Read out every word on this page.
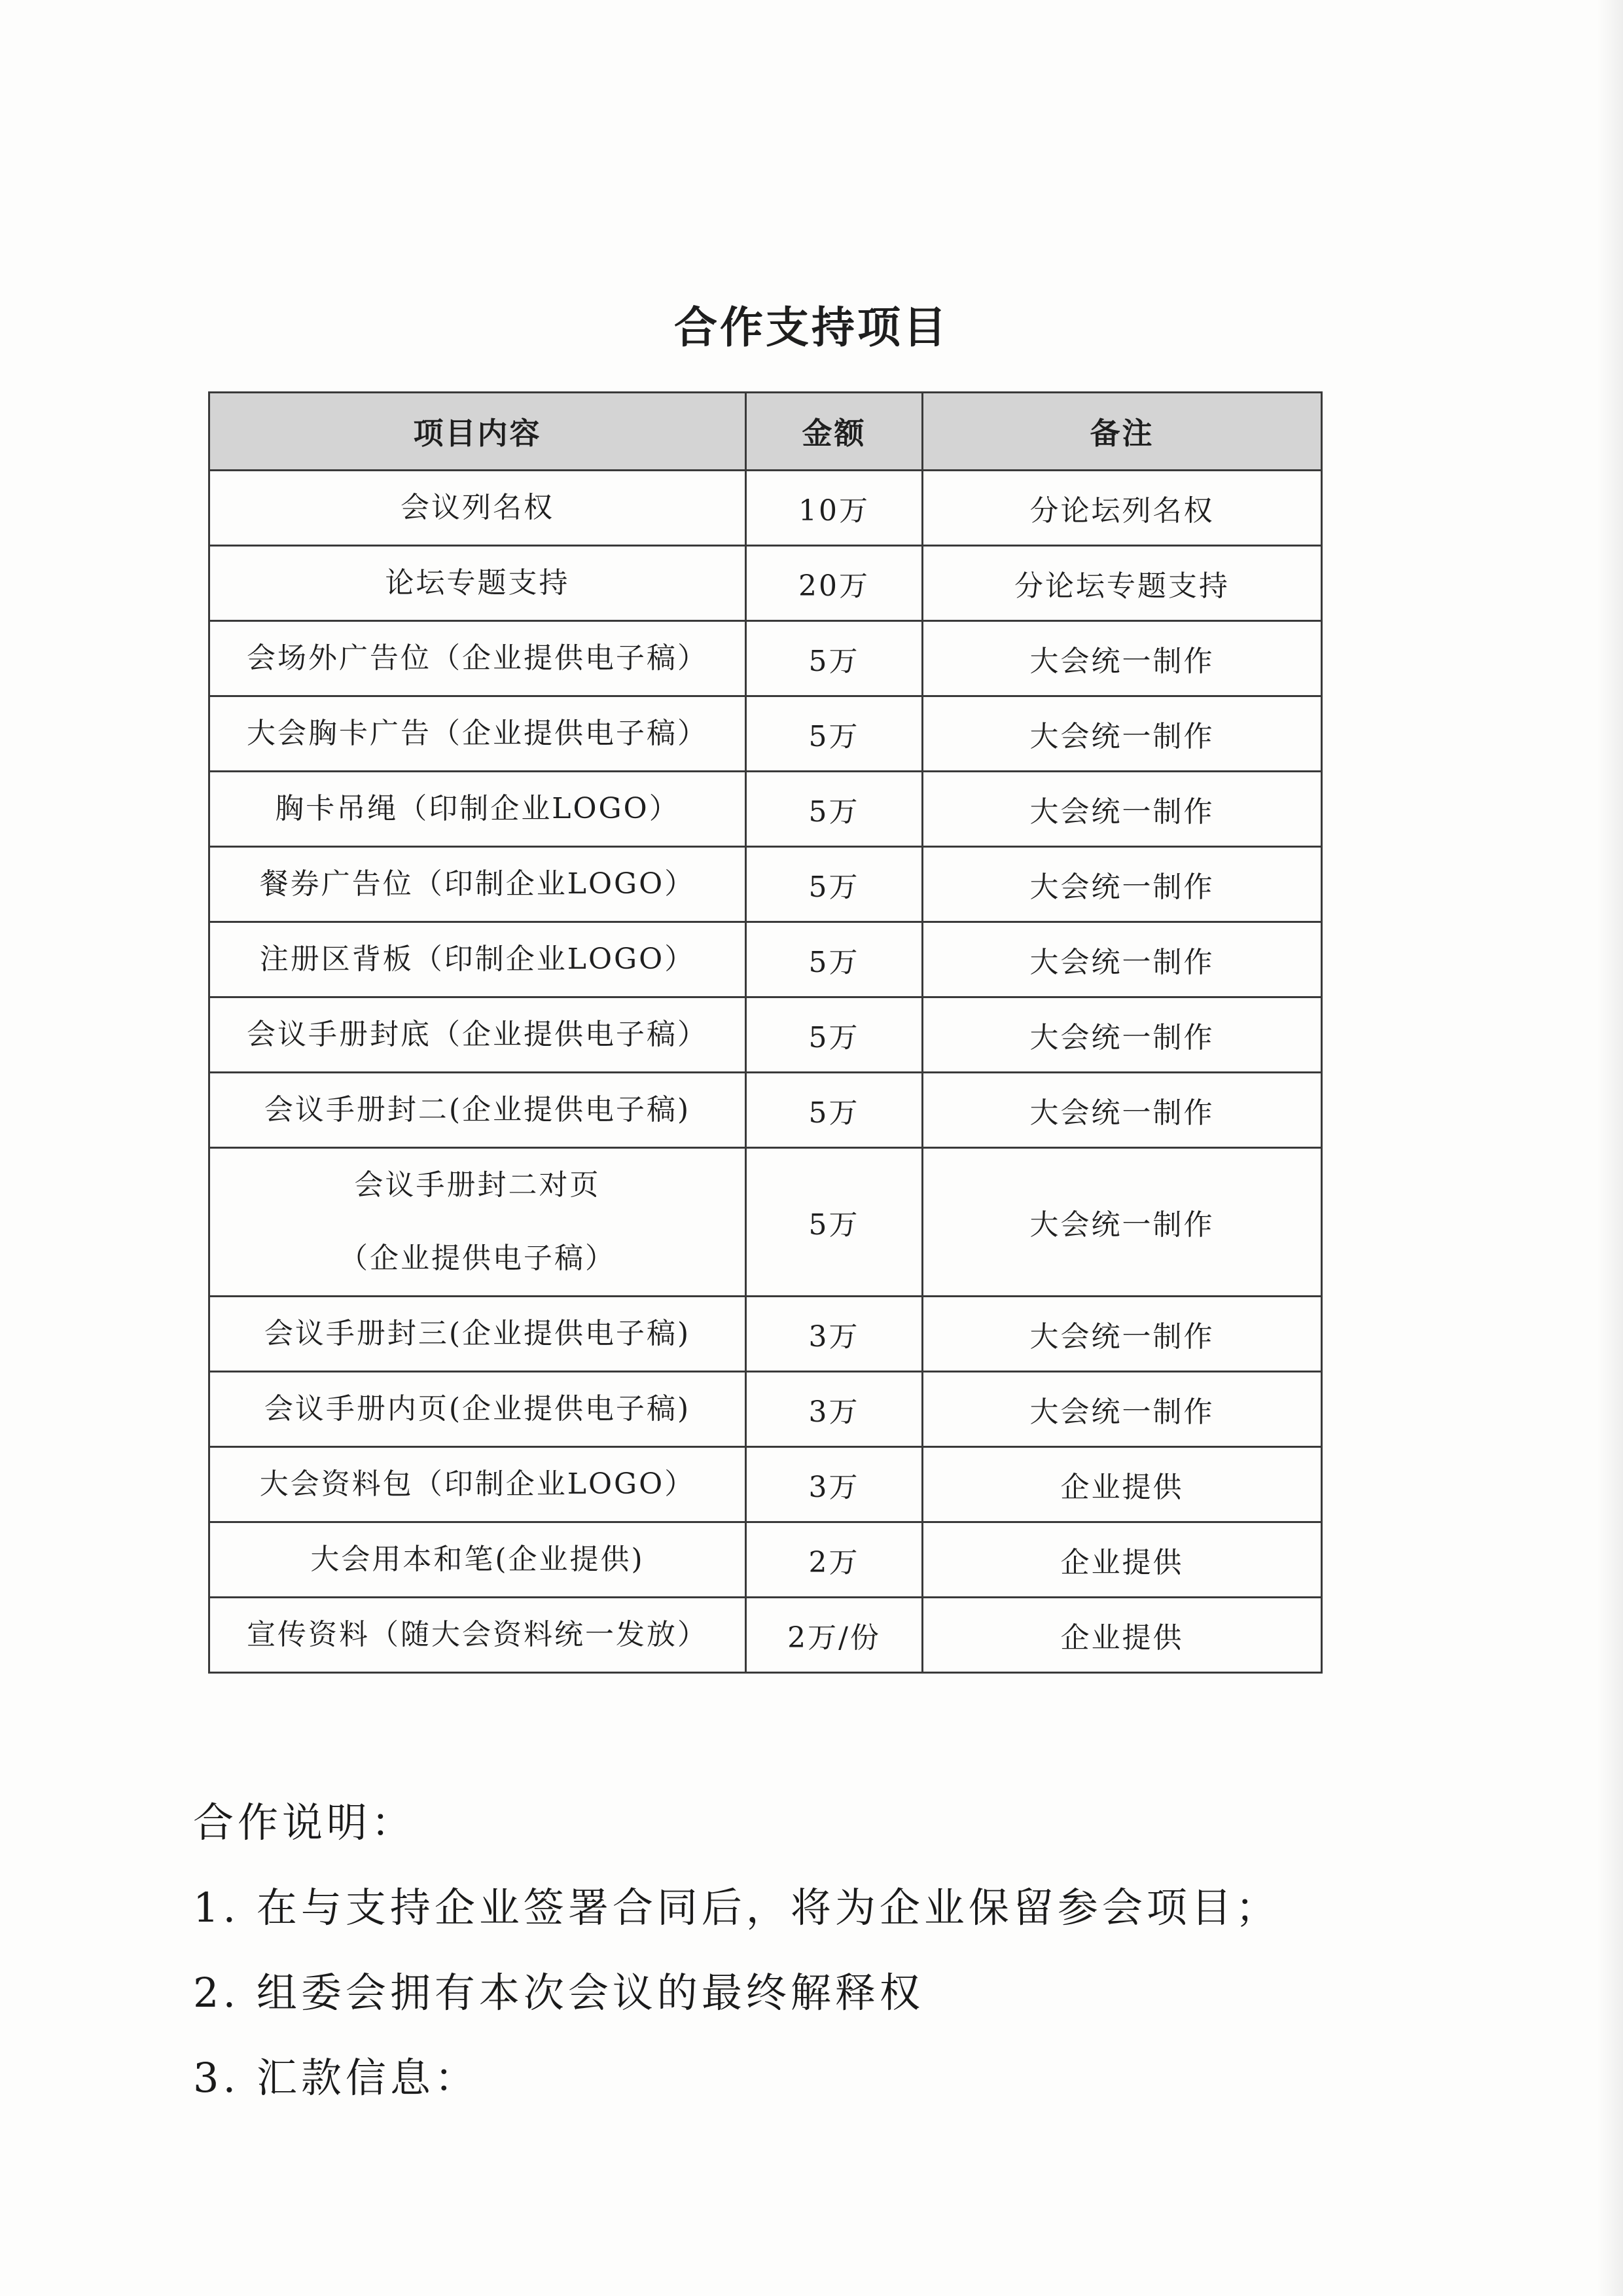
合作支持项目
项目内容	金额	备注

会议列名权	10万	分论坛列名权

论坛专题支持	20万	分论坛专题支持

会场外广告位（企业提供电子稿）	5万	大会统一制作

大会胸卡广告（企业提供电子稿）	5万	大会统一制作

胸卡吊绳（印制企业LOGO）	5万	大会统一制作

餐券广告位（印制企业LOGO）	5万	大会统一制作

注册区背板（印制企业LOGO）	5万	大会统一制作

会议手册封底（企业提供电子稿）	5万	大会统一制作

会议手册封二(企业提供电子稿)	5万	大会统一制作

会议手册封二对页
（企业提供电子稿）	5万	大会统一制作

会议手册封三(企业提供电子稿)	3万	大会统一制作

会议手册内页(企业提供电子稿)	3万	大会统一制作

大会资料包（印制企业LOGO）	3万	企业提供

大会用本和笔(企业提供)	2万	企业提供

宣传资料（随大会资料统一发放）	2万/份	企业提供
合作说明：
1. 在与支持企业签署合同后，将为企业保留参会项目；
2. 组委会拥有本次会议的最终解释权
3. 汇款信息：
